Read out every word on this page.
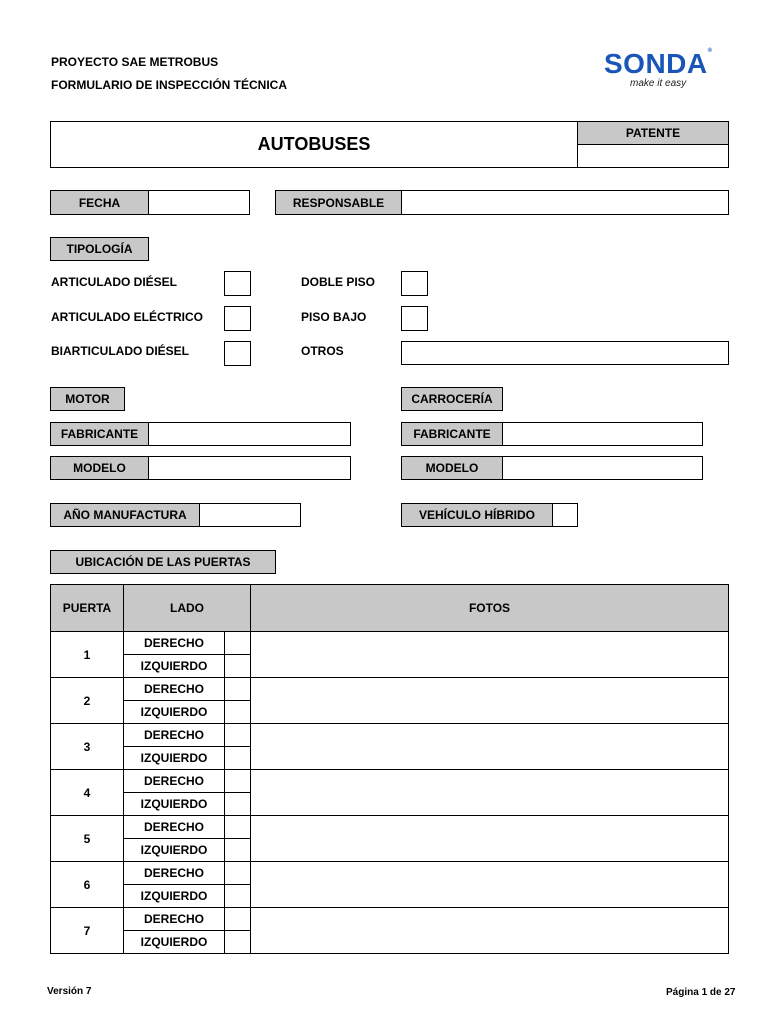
PROYECTO SAE METROBUS
FORMULARIO DE INSPECCIÓN TÉCNICA
SONDA®
make it easy
AUTOBUSES
PATENTE
FECHA	RESPONSABLE
TIPOLOGÍA
ARTICULADO DIÉSEL
ARTICULADO ELÉCTRICO
BIARTICULADO DIÉSEL
DOBLE PISO
PISO BAJO
OTROS
MOTOR	CARROCERÍA
FABRICANTE	FABRICANTE
MODELO	MODELO
AÑO MANUFACTURA	VEHÍCULO HÍBRIDO
UBICACIÓN DE LAS PUERTAS
PUERTA	LADO		FOTOS
1	DERECHO		
	IZQUIERDO		
2	DERECHO		
	IZQUIERDO		
3	DERECHO		
	IZQUIERDO		
4	DERECHO		
	IZQUIERDO		
5	DERECHO		
	IZQUIERDO		
6	DERECHO		
	IZQUIERDO		
7	DERECHO		
	IZQUIERDO		
Versión 7	Página 1 de 27
